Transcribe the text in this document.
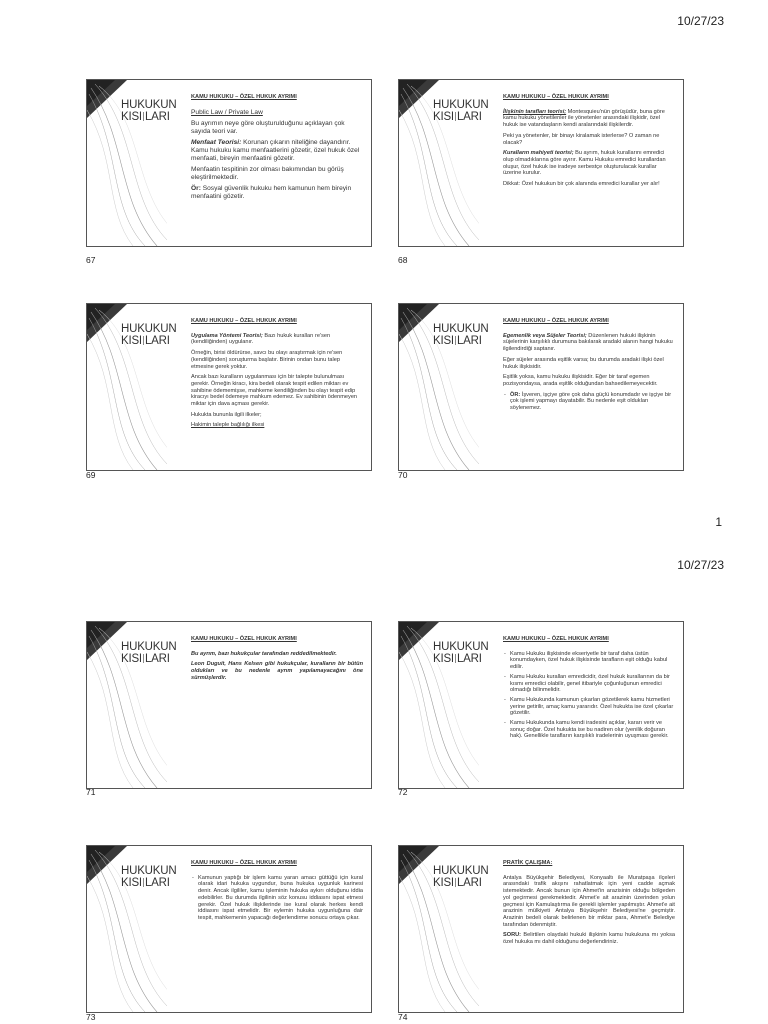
10/27/23
10/27/23
1
HUKUKUN
KISI LARI
KAMU HUKUKU – ÖZEL HUKUK AYRIMI

Public Law / Private Law

Bu ayrımın neye göre oluşturulduğunu açıklayan çok sayıda teori var.

Menfaat Teorisi: Korunan çıkarın niteliğine dayandırır. Kamu hukuku kamu menfaatlerini gözetir, özel hukuk özel menfaati, bireyin menfaatini gözetir.

Menfaatin tespitinin zor olması bakımından bu görüş eleştirilmektedir.

Ör: Sosyal güvenlik hukuku hem kamunun hem bireyin menfaatini gözetir.

67
HUKUKUN
KISI LARI
KAMU HUKUKU – ÖZEL HUKUK AYRIMI

İlişkinin tarafları teorisi; Montesquieu'nün görüşüdür, buna göre kamu hukuku yönetilenler ile yönetenler arasındaki ilişkidir, özel hukuk ise vatandaşların kendi aralarındaki ilişkilerdir.

Peki ya yönetenler, bir binayı kiralamak isterlerse? O zaman ne olacak?

Kuralların mahiyeti teorisi; Bu ayrım, hukuk kurallarını emredici olup olmadıklarına göre ayırır. Kamu Hukuku emredici kurallardan oluşur, özel hukuk ise iradeye serbestçe oluşturulacak kurallar üzerine kurulur.

Dikkat: Özel hukukun bir çok alanında emredici kurallar yer alır!

68
HUKUKUN
KISI LARI
KAMU HUKUKU – ÖZEL HUKUK AYRIMI

Uygulama Yöntemi Teorisi; Bazı hukuk kuralları re'sen (kendiliğinden) uygulanır.

Örneğin, birisi öldürürse, savcı bu olayı araştırmak için re'sen (kendiliğinden) soruşturma başlatır. Birinin ondan bunu talep etmesine gerek yoktur.

Ancak bazı kuralların uygulanması için bir talepte bulunulması gerekir. Örneğin kiracı, kira bedeli olarak tespit edilen miktarı ev sahibine ödememişse, mahkeme kendiliğinden bu olayı tespit edip kiracıyı bedel ödemeye mahkum edemez. Ev sahibinin ödenmeyen miktar için dava açması gerekir.

Hukukta bununla ilgili ilkeler;

Hakimin taleple bağlılığı ilkesi

69
HUKUKUN
KISI LARI
KAMU HUKUKU – ÖZEL HUKUK AYRIMI

Egemenlik veya Süjeler Teorisi; Düzenlenen hukuki ilişkinin süjelerinin karşılıklı durumuna bakılarak aradaki alanın hangi hukuku ilgilendirdiği saptanır.

Eğer süjeler arasında eşitlik varsa; bu durumda aradaki ilişki özel hukuk ilişkisidir.

Eşitlik yoksa, kamu hukuku ilişkisidir. Eğer bir taraf egemen pozisyondaysa, arada eşitlik olduğundan bahsedilemeyecektir.

- ÖR: İşveren, işçiye göre çok daha güçlü konumdadır ve işçiye bir çok işlemi yapmayı dayatabilir. Bu nedenle eşit oldukları söylenemez.
70
HUKUKUN
KISI LARI
KAMU HUKUKU – ÖZEL HUKUK AYRIMI

Bu ayrım, bazı hukukçular tarafından reddedilmektedir.

Leon Duguit, Hans Kelsen gibi hukukçular, kuralların bir bütün oldukları ve bu nedenle ayrım yapılamayacağını öne sürmüşlerdir.

71
HUKUKUN
KISI LARI
KAMU HUKUKU – ÖZEL HUKUK AYRIMI
- Kamu Hukuku ilişkisinde ekseriyetle bir taraf daha üstün konumdayken, özel hukuk ilişkisinde tarafların eşit olduğu kabul edilir.
- Kamu Hukuku kuralları emredicidir, özel hukuk kurallarının da bir kısmı emredici olabilir, genel itibariyle çoğunluğunun emredici olmadığı bilinmelidir.
- Kamu Hukukunda kamunun çıkarları gözetilerek kamu hizmetleri yerine getirilir, amaç kamu yararıdır. Özel hukukta ise özel çıkarlar gözetilir.
- Kamu Hukukunda kamu kendi iradesini açıklar, kararı verir ve sonuç doğar. Özel hukukta ise bu nadiren olur (yenilik doğuran hak). Genellikle tarafların karşılıklı iradelerinin uyuşması gerekir.
72
HUKUKUN
KISI LARI
KAMU HUKUKU – ÖZEL HUKUK AYRIMI
- Kamunun yaptığı bir işlem kamu yararı amacı güttüğü için kural olarak idari hukuka uygundur, buna hukuka uygunluk karinesi denir. Ancak ilgililer, kamu işleminin hukuka aykırı olduğunu iddia edebilirler. Bu durumda ilgilinin söz konusu iddiasını ispat etmesi gerekir. Özel hukuk ilişkilerinde ise kural olarak herkes kendi iddiasını ispat etmelidir. Bir eylemin hukuka uygunluğuna dair tespit, mahkemenin yapacağı değerlendirme sonucu ortaya çıkar.
73
HUKUKUN
KISI LARI
PRATİK ÇALIŞMA:

Antalya Büyükşehir Belediyesi, Konyaaltı ile Muratpaşa ilçeleri arasındaki trafik akışını rahatlatmak için yeni cadde açmak istemektedir. Ancak bunun için Ahmet'in arazisinin olduğu bölgeden yol geçirmesi gerekmektedir. Ahmet'e ait arazinin üzerinden yolun geçmesi için Kamulaştırma ile gerekli işlemler yapılmıştır. Ahmet'e ait arazinin mülkiyeti Antalya Büyükşehir Belediyesi'ne geçmiştir. Arazinin bedeli olarak belirlenen bir miktar para, Ahmet'e Belediye tarafından ödenmiştir.

SORU: Belirtilen olaydaki hukuki ilişkinin kamu hukukuna mı yoksa özel hukuka mı dahil olduğunu değerlendiriniz.

74
